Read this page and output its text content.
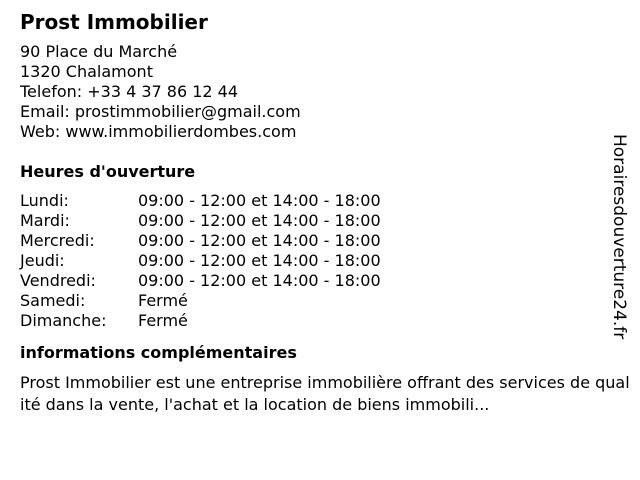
Prost Immobilier
90 Place du Marché
1320 Chalamont
Telefon: +33 4 37 86 12 44
Email: prostimmobilier@gmail.com
Web: www.immobilierdombes.com
Heures d'ouverture
Lundi:	09:00 - 12:00 et 14:00 - 18:00
Mardi:	09:00 - 12:00 et 14:00 - 18:00
Mercredi:	09:00 - 12:00 et 14:00 - 18:00
Jeudi:	09:00 - 12:00 et 14:00 - 18:00
Vendredi:	09:00 - 12:00 et 14:00 - 18:00
Samedi:	Fermé
Dimanche:	Fermé
informations complémentaires
Prost Immobilier est une entreprise immobilière offrant des services de qualité dans la vente, l'achat et la location de biens immobili...
Horairesdouverture24.fr
